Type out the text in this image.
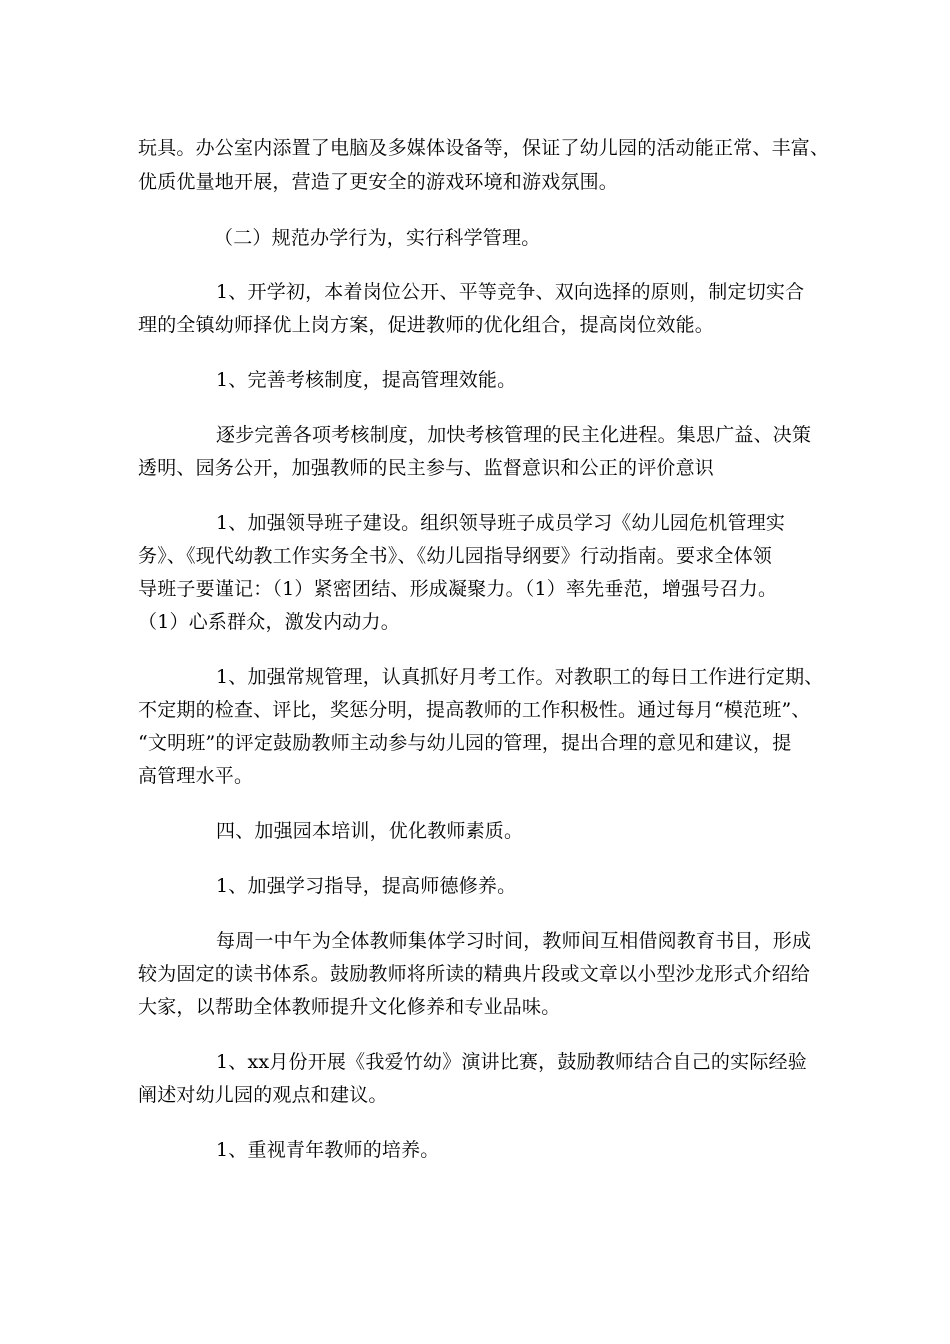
玩具。办公室内添置了电脑及多媒体设备等，保证了幼儿园的活动能正常、丰富、
优质优量地开展，营造了更安全的游戏环境和游戏氛围。
（二）规范办学行为，实行科学管理。
1、开学初，本着岗位公开、平等竞争、双向选择的原则，制定切实合
理的全镇幼师择优上岗方案，促进教师的优化组合，提高岗位效能。
1、完善考核制度，提高管理效能。
逐步完善各项考核制度，加快考核管理的民主化进程。集思广益、决策
透明、园务公开，加强教师的民主参与、监督意识和公正的评价意识
1、加强领导班子建设。组织领导班子成员学习《幼儿园危机管理实
务》、《现代幼教工作实务全书》、《幼儿园指导纲要》行动指南。要求全体领
导班子要谨记：（1）紧密团结、形成凝聚力。（1）率先垂范，增强号召力。
（1）心系群众，激发内动力。
1、加强常规管理，认真抓好月考工作。对教职工的每日工作进行定期、
不定期的检查、评比，奖惩分明，提高教师的工作积极性。通过每月“模范班”、
“文明班”的评定鼓励教师主动参与幼儿园的管理，提出合理的意见和建议，提
高管理水平。
四、加强园本培训，优化教师素质。
1、加强学习指导，提高师德修养。
每周一中午为全体教师集体学习时间，教师间互相借阅教育书目，形成
较为固定的读书体系。鼓励教师将所读的精典片段或文章以小型沙龙形式介绍给
大家，以帮助全体教师提升文化修养和专业品味。
1、xx月份开展《我爱竹幼》演讲比赛，鼓励教师结合自己的实际经验
阐述对幼儿园的观点和建议。
1、重视青年教师的培养。
